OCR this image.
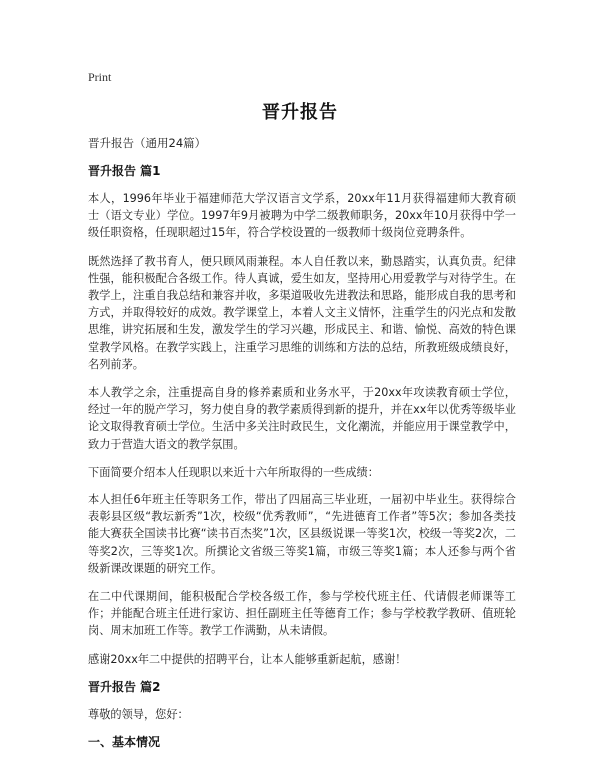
Print
晋升报告

晋升报告（通用24篇）

晋升报告 篇1

本人，1996年毕业于福建师范大学汉语言文学系，20xx年11月获得福建师大教育硕士（语文专业）学位。1997年9月被聘为中学二级教师职务，20xx年10月获得中学一级任职资格，任现职超过15年，符合学校设置的一级教师十级岗位竞聘条件。

既然选择了教书育人，便只顾风雨兼程。本人自任教以来，勤恳踏实，认真负责。纪律性强，能积极配合各级工作。待人真诚，爱生如友，坚持用心用爱教学与对待学生。在教学上，注重自我总结和兼容并收，多渠道吸收先进教法和思路，能形成自我的思考和方式，并取得较好的成效。教学课堂上，本着人文主义情怀，注重学生的闪光点和发散思维，讲究拓展和生发，激发学生的学习兴趣，形成民主、和谐、愉悦、高效的特色课堂教学风格。在教学实践上，注重学习思维的训练和方法的总结，所教班级成绩良好，名列前茅。

本人教学之余，注重提高自身的修养素质和业务水平，于20xx年攻读教育硕士学位，经过一年的脱产学习，努力使自身的教学素质得到新的提升，并在xx年以优秀等级毕业论文取得教育硕士学位。生活中多关注时政民生，文化潮流，并能应用于课堂教学中，致力于营造大语文的教学氛围。

下面简要介绍本人任现职以来近十六年所取得的一些成绩：

本人担任6年班主任等职务工作，带出了四届高三毕业班，一届初中毕业生。获得综合表彰县区级“教坛新秀”1次，校级“优秀教师”，“先进德育工作者”等5次；参加各类技能大赛获全国读书比赛“读书百杰奖”1次，区县级说课一等奖1次，校级一等奖2次，二等奖2次，三等奖1次。所撰论文省级三等奖1篇，市级三等奖1篇；本人还参与两个省级新课改课题的研究工作。

在二中代课期间，能积极配合学校各级工作，参与学校代班主任、代请假老师课等工作；并能配合班主任进行家访、担任副班主任等德育工作；参与学校教学教研、值班轮岗、周末加班工作等。教学工作满勤，从未请假。

感谢20xx年二中提供的招聘平台，让本人能够重新起航，感谢！

晋升报告 篇2

尊敬的领导，您好：

一、基本情况
